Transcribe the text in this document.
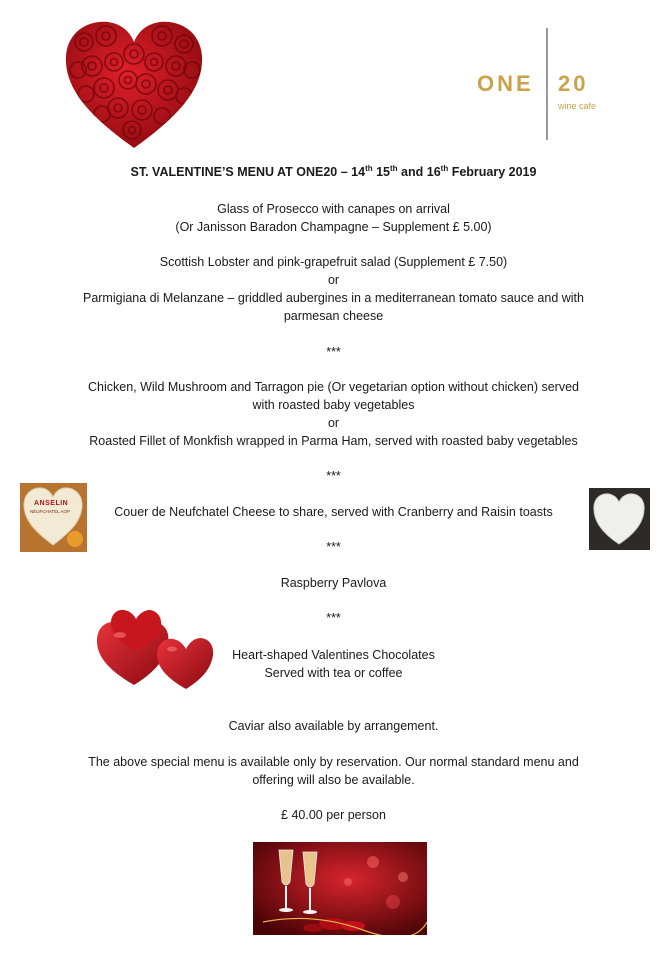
ONE 20
wine cafe
ST. VALENTINE’S MENU AT ONE20 – 14th 15th and 16th February 2019
Glass of Prosecco with canapes on arrival
(Or Janisson Baradon Champagne – Supplement £ 5.00)
Scottish Lobster and pink-grapefruit salad (Supplement £ 7.50)
or
Parmigiana di Melanzane – griddled aubergines in a mediterranean tomato sauce and with
parmesan cheese
***
Chicken, Wild Mushroom and Tarragon pie (Or vegetarian option without chicken) served
with roasted baby vegetables
or
Roasted Fillet of Monkfish wrapped in Parma Ham, served with roasted baby vegetables
***
ANSELIN
NEUFCHATEL AOP	Couer de Neufchatel Cheese to share, served with Cranberry and Raisin toasts
***
Raspberry Pavlova
***
Heart-shaped Valentines Chocolates
Served with tea or coffee
Caviar also available by arrangement.
The above special menu is available only by reservation. Our normal standard menu and
offering will also be available.
£ 40.00 per person
